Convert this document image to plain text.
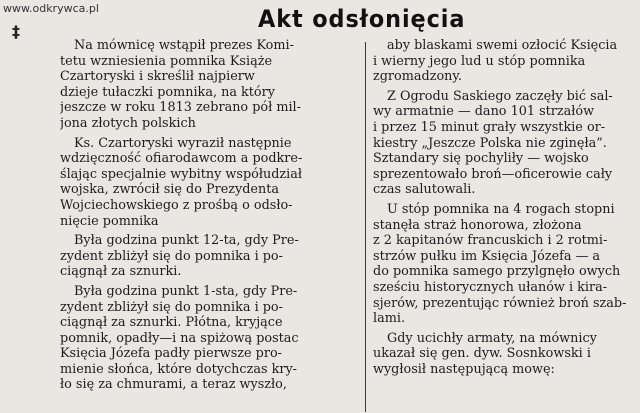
www.odkrywca.pl
‡	Akt odsłonięcia
Na mównicę wstąpił prezes Komi-
tetu wzniesienia pomnika Książe
Czartoryski i skreślił najpierw
dzieje tułaczki pomnika, na który
jeszcze w roku 1813 zebrano pół mil-
jona złotych polskich
Ks. Czartoryski wyraził następnie
wdzięczność ofiarodawcom a podkre-
ślając specjalnie wybitny współudział
wojska, zwrócił się do Prezydenta
Wojciechowskiego z prośbą o odsło-
nięcie pomnika
Była godzina punkt 12-ta, gdy Pre-
zydent zbliżył się do pomnika i po-
ciągnął za sznurki.
Była godzina punkt 1-sta, gdy Pre-
zydent zbliżył się do pomnika i po-
ciągnął za sznurki. Płótna, kryjące
pomnik, opadły—i na spiżową postac
Księcia Józefa padły pierwsze pro-
mienie słońca, które dotychczas kry-
ło się za chmurami, a teraz wyszło,
aby blaskami swemi ozłocić Księcia
i wierny jego lud u stóp pomnika
zgromadzony.
Z Ogrodu Saskiego zaczęły bić sal-
wy armatnie — dano 101 strzałów
i przez 15 minut grały wszystkie or-
kiestry „Jeszcze Polska nie zginęła”.
Sztandary się pochyliły — wojsko
sprezentowało broń—oficerowie cały
czas salutowali.
U stóp pomnika na 4 rogach stopni
stanęła straż honorowa, złożona
z 2 kapitanów francuskich i 2 rotmi-
strzów pułku im Księcia Józefa — a
do pomnika samego przylgnęło owych
sześciu historycznych ułanów i kira-
sjerów, prezentując również broń szab-
lami.
Gdy ucichły armaty, na mównicy
ukazał się gen. dyw. Sosnkowski i
wygłosił następującą mowę:
